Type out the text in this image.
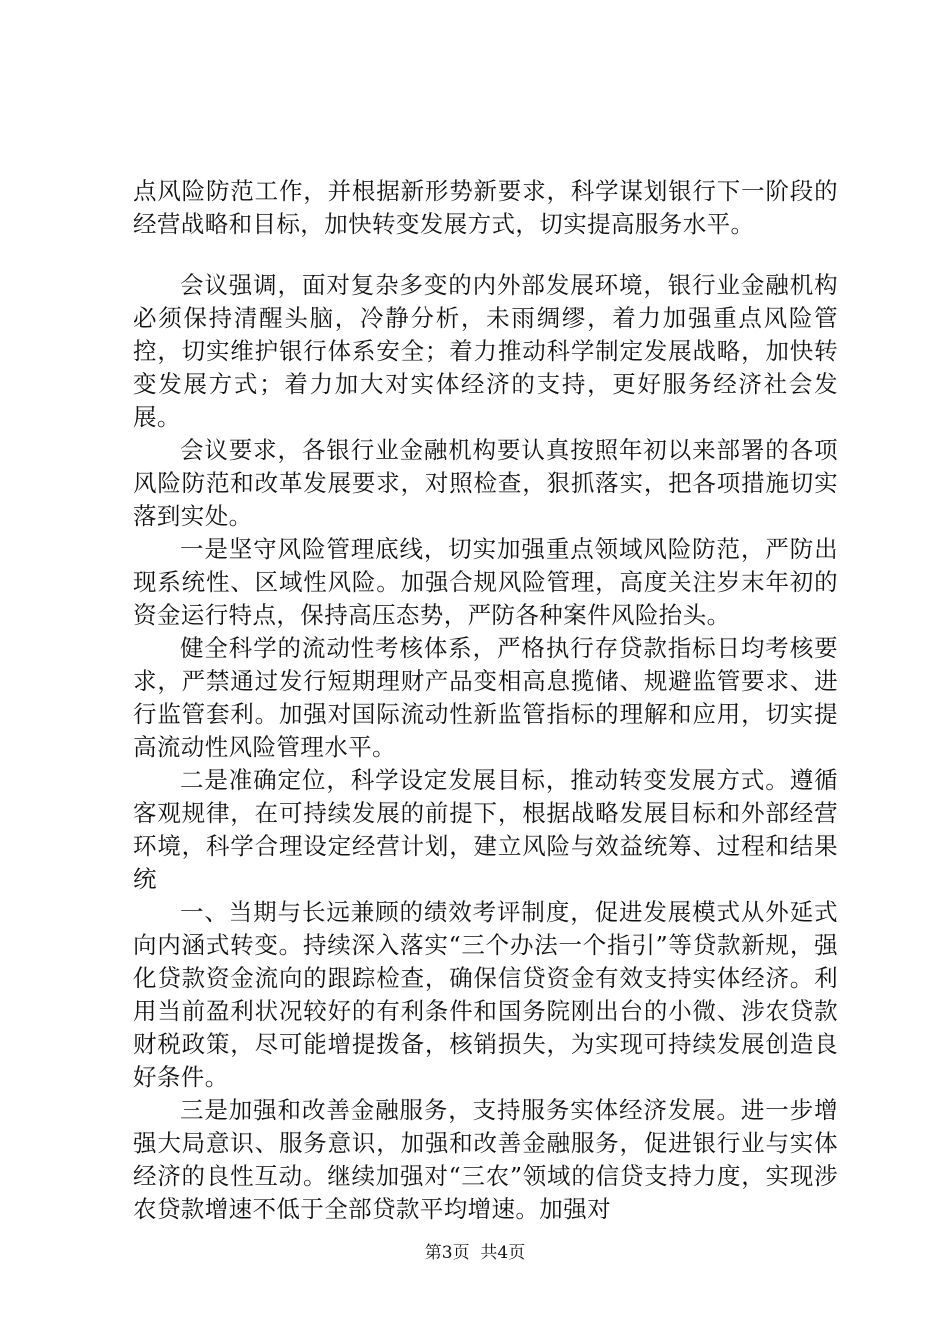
点风险防范工作，并根据新形势新要求，科学谋划银行下一阶段的经营战略和目标，加快转变发展方式，切实提高服务水平。

会议强调，面对复杂多变的内外部发展环境，银行业金融机构必须保持清醒头脑，冷静分析，未雨绸缪，着力加强重点风险管控，切实维护银行体系安全；着力推动科学制定发展战略，加快转变发展方式；着力加大对实体经济的支持，更好服务经济社会发展。

会议要求，各银行业金融机构要认真按照年初以来部署的各项风险防范和改革发展要求，对照检查，狠抓落实，把各项措施切实落到实处。

一是坚守风险管理底线，切实加强重点领域风险防范，严防出现系统性、区域性风险。加强合规风险管理，高度关注岁末年初的资金运行特点，保持高压态势，严防各种案件风险抬头。

健全科学的流动性考核体系，严格执行存贷款指标日均考核要求，严禁通过发行短期理财产品变相高息揽储、规避监管要求、进行监管套利。加强对国际流动性新监管指标的理解和应用，切实提高流动性风险管理水平。

二是准确定位，科学设定发展目标，推动转变发展方式。遵循客观规律，在可持续发展的前提下，根据战略发展目标和外部经营环境，科学合理设定经营计划，建立风险与效益统筹、过程和结果统

一、当期与长远兼顾的绩效考评制度，促进发展模式从外延式向内涵式转变。持续深入落实“三个办法一个指引”等贷款新规，强化贷款资金流向的跟踪检查，确保信贷资金有效支持实体经济。利用当前盈利状况较好的有利条件和国务院刚出台的小微、涉农贷款财税政策，尽可能增提拨备，核销损失，为实现可持续发展创造良好条件。

三是加强和改善金融服务，支持服务实体经济发展。进一步增强大局意识、服务意识，加强和改善金融服务，促进银行业与实体经济的良性互动。继续加强对“三农”领域的信贷支持力度，实现涉农贷款增速不低于全部贷款平均增速。加强对

第3页 共4页
